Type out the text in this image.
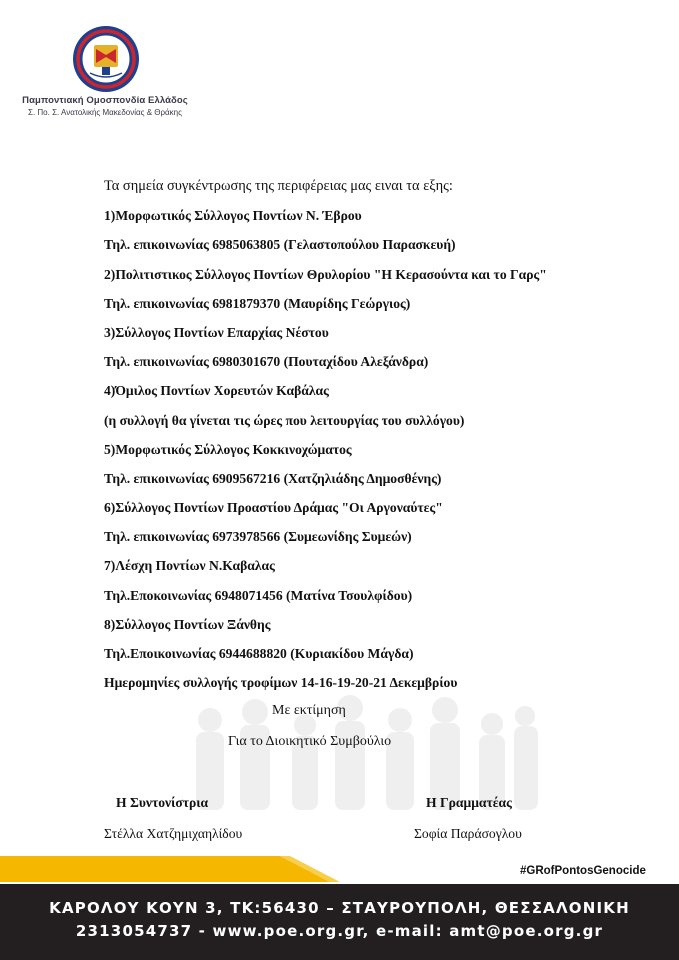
Παμποντιακή Ομοσπονδία Ελλάδος
Σ. Πο. Σ. Ανατολικής Μακεδονίας & Θράκης
Τα σημεία συγκέντρωσης της περιφέρειας μας ειναι τα εξης:
1)Μορφωτικός Σύλλογος Ποντίων Ν. Έβρου
Τηλ. επικοινωνίας 6985063805 (Γελαστοπούλου Παρασκευή)
2)Πολιτιστικος Σύλλογος Ποντίων Θρυλορίου "Η Κερασούντα και το Γαρς"
Τηλ. επικοινωνίας 6981879370 (Μαυρίδης Γεώργιος)
3)Σύλλογος Ποντίων Επαρχίας Νέστου
Τηλ. επικοινωνίας 6980301670 (Πουταχίδου Αλεξάνδρα)
4)Όμιλος Ποντίων Χορευτών Καβάλας
(η συλλογή θα γίνεται τις ώρες που λειτουργίας του συλλόγου)
5)Μορφωτικός Σύλλογος Κοκκινοχώματος
Τηλ. επικοινωνίας 6909567216 (Χατζηλιάδης Δημοσθένης)
6)Σύλλογος Ποντίων Προαστίου Δράμας "Οι Αργοναύτες"
Τηλ. επικοινωνίας 6973978566 (Συμεωνίδης Συμεών)
7)Λέσχη Ποντίων Ν.Καβαλας
Τηλ.Εποκοινωνίας 6948071456 (Ματίνα Τσουλφίδου)
8)Σύλλογος Ποντίων Ξάνθης
Τηλ.Εποικοινωνίας 6944688820 (Κυριακίδου Μάγδα)
Ημερομηνίες συλλογής τροφίμων 14-16-19-20-21 Δεκεμβρίου
Με εκτίμηση
Για το Διοικητικό Συμβούλιο
Η Συντονίστρια
Στέλλα Χατζημιχαηλίδου
Η Γραμματέας
Σοφία Παράσογλου
#GRofPontosGenocide
ΚΑΡΟΛΟΥ ΚΟΥΝ 3, ΤΚ:56430 – ΣΤΑΥΡΟΥΠΟΛΗ, ΘΕΣΣΑΛΟΝΙΚΗ
2313054737 - www.poe.org.gr, e-mail: amt@poe.org.gr
